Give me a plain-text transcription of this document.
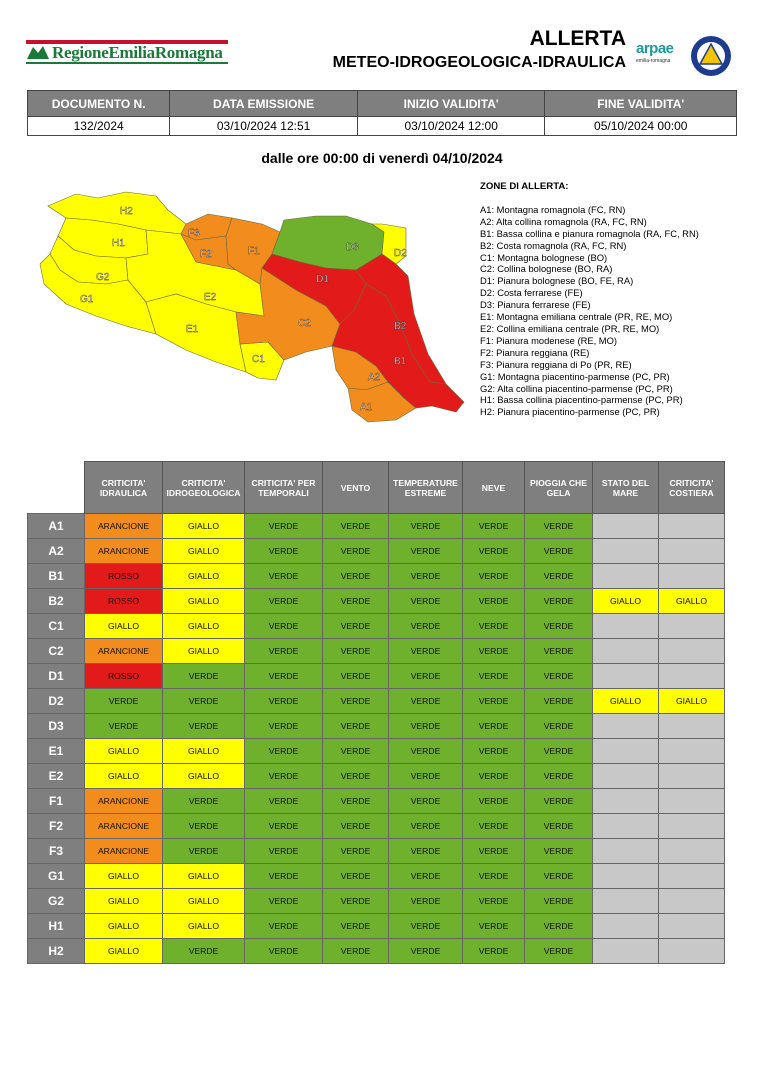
RegioneEmiliaRomagna
ALLERTA
METEO-IDROGEOLOGICA-IDRAULICA
arpae
emilia-romagna
DOCUMENTO N.	DATA EMISSIONE	INIZIO VALIDITA'	FINE VALIDITA'
132/2024	03/10/2024 12:51	03/10/2024 12:00	05/10/2024 00:00
dalle ore 00:00 di venerdì 04/10/2024
H2
H1
G2
G1	E2
E1
F3
F2	F1
C1
C2
D1
D3
D2
B2
B1
A2
A1
ZONE DI ALLERTA:
A1: Montagna romagnola (FC, RN)
A2: Alta collina romagnola (RA, FC, RN)
B1: Bassa collina e pianura romagnola (RA, FC, RN)
B2: Costa romagnola (RA, FC, RN)
C1: Montagna bolognese (BO)
C2: Collina bolognese (BO, RA)
D1: Pianura bolognese (BO, FE, RA)
D2: Costa ferrarese (FE)
D3: Pianura ferrarese (FE)
E1: Montagna emiliana centrale (PR, RE, MO)
E2: Collina emiliana centrale (PR, RE, MO)
F1: Pianura modenese (RE, MO)
F2: Pianura reggiana (RE)
F3: Pianura reggiana di Po (PR, RE)
G1: Montagna piacentino-parmense (PC, PR)
G2: Alta collina piacentino-parmense (PC, PR)
H1: Bassa collina piacentino-parmense (PC, PR)
H2: Pianura piacentino-parmense (PC, PR)
	CRITICITA' IDRAULICA	CRITICITA' IDROGEOLOGICA	CRITICITA' PER TEMPORALI	VENTO	TEMPERATURE ESTREME	NEVE	PIOGGIA CHE GELA	STATO DEL MARE	CRITICITA' COSTIERA
A1	ARANCIONE	GIALLO	VERDE	VERDE	VERDE	VERDE	VERDE		
A2	ARANCIONE	GIALLO	VERDE	VERDE	VERDE	VERDE	VERDE		
B1	ROSSO	GIALLO	VERDE	VERDE	VERDE	VERDE	VERDE		
B2	ROSSO	GIALLO	VERDE	VERDE	VERDE	VERDE	VERDE	GIALLO	GIALLO
C1	GIALLO	GIALLO	VERDE	VERDE	VERDE	VERDE	VERDE		
C2	ARANCIONE	GIALLO	VERDE	VERDE	VERDE	VERDE	VERDE		
D1	ROSSO	VERDE	VERDE	VERDE	VERDE	VERDE	VERDE		
D2	VERDE	VERDE	VERDE	VERDE	VERDE	VERDE	VERDE	GIALLO	GIALLO
D3	VERDE	VERDE	VERDE	VERDE	VERDE	VERDE	VERDE		
E1	GIALLO	GIALLO	VERDE	VERDE	VERDE	VERDE	VERDE		
E2	GIALLO	GIALLO	VERDE	VERDE	VERDE	VERDE	VERDE		
F1	ARANCIONE	VERDE	VERDE	VERDE	VERDE	VERDE	VERDE		
F2	ARANCIONE	VERDE	VERDE	VERDE	VERDE	VERDE	VERDE		
F3	ARANCIONE	VERDE	VERDE	VERDE	VERDE	VERDE	VERDE		
G1	GIALLO	GIALLO	VERDE	VERDE	VERDE	VERDE	VERDE		
G2	GIALLO	GIALLO	VERDE	VERDE	VERDE	VERDE	VERDE		
H1	GIALLO	GIALLO	VERDE	VERDE	VERDE	VERDE	VERDE		
H2	GIALLO	VERDE	VERDE	VERDE	VERDE	VERDE	VERDE		
